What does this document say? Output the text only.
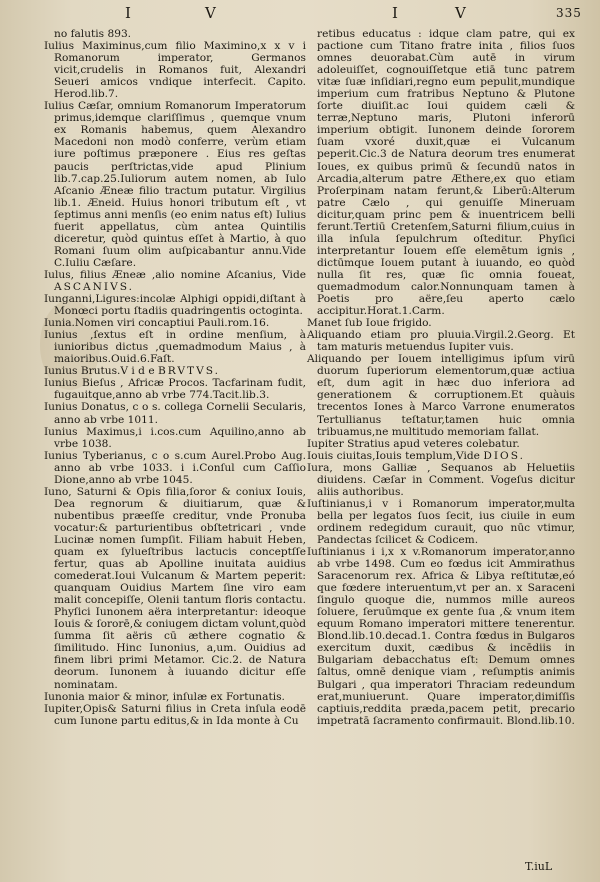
I	V	I	V	335

no falutis 893.

Iulius Maximinus,cum filio Maximino,x x v i Romanorum imperator, Germanos vicit,crudelis in Romanos fuit, Alexandri Seueri amicos vndique interfecit. Capito. Herod.lib.7.

Iulius Cæſar, omnium Romanorum Imperatorum primus,idemque clariſſimus , quemque vnum ex Romanis habemus, quem Alexandro Macedoni non modò conferre, verùm etiam iure poſtimus præponere . Eius res geſtas paucis perſtrictas,vide apud Plinium lib.7.cap.25.Iuliorum autem nomen, ab Iulo Aſcanio Æneæ filio tractum putatur. Virgilius lib.1. Æneid. Huius honori tributum eſt , vt ſeptimus anni menſis (eo enim natus eſt) Iulius fuerit appellatus, cùm antea Quintilis diceretur, quòd quintus eſſet à Martio, à quo Romani ſuum olim auſpicabantur annu.Vide C.Iuliu Cæſare.

Iulus, filius Æneæ ,alio nomine Aſcanius, Vide ASCANIVS.

Iunganni,Ligures:incolæ Alphigi oppidi,diſtant à Monœci portu ſtadiis quadringentis octoginta.

Iunia.Nomen viri concaptiui Pauli.rom.16.

Iunius ,ſextus eſt in ordine menſium, à iunioribus dictus ,quemadmodum Maius , à maioribus.Ouid.6.Faſt.

Iunius Brutus.V i d e BRVTVS.

Iunius Bieſus , Africæ Procos. Tacfarinam fudit, fugauitque,anno ab vrbe 774.Tacit.lib.3.

Iunius Donatus, c o s. collega Cornelii Secularis, anno ab vrbe 1011.

Iunius Maximus,i i.cos.cum Aquilino,anno ab vrbe 1038.

Iunius Tyberianus, c o s.cum Aurel.Probo Aug. anno ab vrbe 1033. i i.Conſul cum Caſſio Dione,anno ab vrbe 1045.

Iuno, Saturni & Opis filia,ſoror & coniux Iouis, Dea regnorum & diuitiarum, quæ & nubentibus præeſſe creditur, vnde Pronuba vocatur:& parturientibus obſtetricari , vnde Lucinæ nomen ſumpſit. Filiam habuit Heben, quam ex ſylueſtribus lactucis conceptſſe fertur, quas ab Apolline inuitata auidius comederat.Ioui Vulcanum & Martem peperit: quanquam Ouidius Martem ſine viro eam malit concepiſſe, Olenii tantum floris contactu. Phyſici Iunonem aëra interpretantur: ideoque Iouis & ſororē,& coniugem dictam volunt,quòd ſumma ſit aëris cū æthere cognatio & ſimilitudo. Hinc Iunonius, a,um. Ouidius ad finem libri primi Metamor. Cic.2. de Natura deorum. Iunonem à iuuando dicitur eſſe nominatam.

Iunonia maior & minor, inſulæ ex Fortunatis.

Iupiter,Opis& Saturni filius in Creta inſula eodē cum Iunone partu editus,& in Ida monte à Cu

retibus educatus : idque clam patre, qui ex pactione cum Titano fratre inita , filios ſuos omnes deuorabat.Cùm autē in virum adoleuiſſet, cognouiſſetque etiā tunc patrem vitæ ſuæ inſidiari,regno eum pepulit,mundique imperium cum fratribus Neptuno & Plutone ſorte diuiſit.ac Ioui quidem cæli & terræ,Neptuno maris, Plutoni inferorū imperium obtigit. Iunonem deinde ſororem ſuam vxoré duxit,quæ ei Vulcanum peperit.Cic.3 de Natura deorum tres enumerat Ioues, ex quibus primū & ſecundū natos in Arcadia,alterum patre Æthere,ex quo etiam Proſerpinam natam ferunt,& Liberū:Alterum patre Cælo , qui genuiſſe Mineruam dicitur,quam princ pem & inuentricem belli ferunt.Tertiū Cretenſem,Saturni filium,cuius in illa inſula ſepulchrum oſteditur. Phyſici interpretantur Iouem eſſe elemētum ignis , dictūmque Iouem putant à iuuando, eo quòd nulla ſit res, quæ ſic omnia foueat, quemadmodum calor.Nonnunquam tamen à Poetis pro aëre,ſeu aperto cælo accipitur.Horat.1.Carm.

Manet ſub Ioue frigido.

Aliquando etiam pro pluuia.Virgil.2.Georg. Et tam maturis metuendus Iupiter vuis.

Aliquando per Iouem intelligimus ipſum virū duorum ſuperiorum elementorum,quæ actiua eſt, dum agit in hæc duo inferiora ad generationem & corruptionem.Et quàuis trecentos Iones à Marco Varrone enumeratos Tertullianus teſtatur,tamen huic omnia tribuamus,ne multitudo memoriam fallat.

Iupiter Stratius apud veteres colebatur.

Iouis ciuitas,Iouis templum,Vide DIOS.

Iura, mons Galliæ , Sequanos ab Heluetiis diuidens. Cæſar in Comment. Vogeſus dicitur aliis authoribus.

Iuſtinianus,i v i Romanorum imperator,multa bella per legatos ſuos ſecit, ius ciuile in eum ordinem redegidum curauit, quo nūc vtimur, Pandectas ſcilicet & Codicem.

Iuſtinianus i i,x x v.Romanorum imperator,anno ab vrbe 1498. Cum eo fœdus icit Ammirathus Saracenorum rex. Africa & Libya reſtitutæ,eó que fœdere interuentum,vt per an. x Saraceni ſingulo quoque die, nummos mille aureos ſoluere, ſeruūmque ex gente ſua ,& vnum item equum Romano imperatori mittere tenerentur. Blond.lib.10.decad.1. Contra fœdus in Bulgaros exercitum duxit, cædibus & incēdiis in Bulgariam debacchatus eſt: Demum omnes ſaltus, omnē denique viam , reſumptis animis Bulgari , qua imperatori Thraciam redeundum erat,muniuerunt. Quare imperator,dimiſſis captiuis,reddita præda,pacem petit, precario impetratā ſacramento confirmauit. Blond.lib.10.

T.iuL
